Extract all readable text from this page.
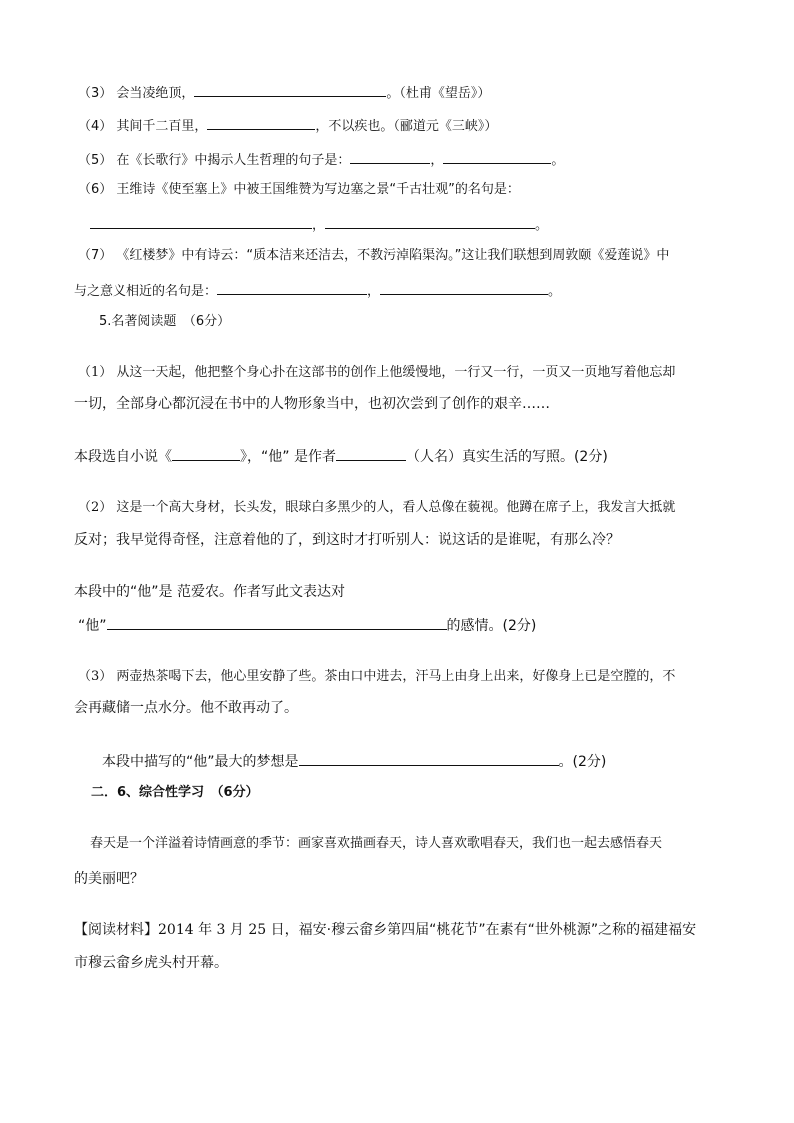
（3） 会当凌绝顶，	。（杜甫《望岳》）
（4） 其间千二百里，	，不以疾也。（郦道元《三峡》）
（5） 在《长歌行》中揭示人生哲理的句子是：	，	。
（6） 王维诗《使至塞上》中被王国维赞为写边塞之景“千古壮观”的名句是：
，	。
（7） 《红楼梦》中有诗云：“质本洁来还洁去，不教污淖陷渠沟。”这让我们联想到周敦颐《爱莲说》中
与之意义相近的名句是：	，	。
5.名著阅读题　（6分）
（1） 从这一天起，他把整个身心扑在这部书的创作上他缓慢地，一行又一行，一页又一页地写着他忘却
一切，全部身心都沉浸在书中的人物形象当中，也初次尝到了创作的艰辛……
本段选自小说《	》，“他” 是作者	（人名）真实生活的写照。(2分)
（2） 这是一个高大身材，长头发，眼球白多黑少的人，看人总像在藐视。他蹲在席子上，我发言大抵就
反对；我早觉得奇怪，注意着他的了，到这时才打听别人：说这话的是谁呢，有那么冷？
本段中的“他”是 范爱农。作者写此文表达对
“他”	的感情。(2分)
（3） 两壶热茶喝下去，他心里安静了些。茶由口中进去，汗马上由身上出来，好像身上已是空膛的，不
会再藏储一点水分。他不敢再动了。
本段中描写的“他”最大的梦想是	。(2分)
二．6、综合性学习　（6分）
春天是一个洋溢着诗情画意的季节：画家喜欢描画春天，诗人喜欢歌唱春天，我们也一起去感悟春天
的美丽吧？
【阅读材料】2014 年 3 月 25 日，福安·穆云畲乡第四届“桃花节”在素有“世外桃源”之称的福建福安
市穆云畲乡虎头村开幕。
